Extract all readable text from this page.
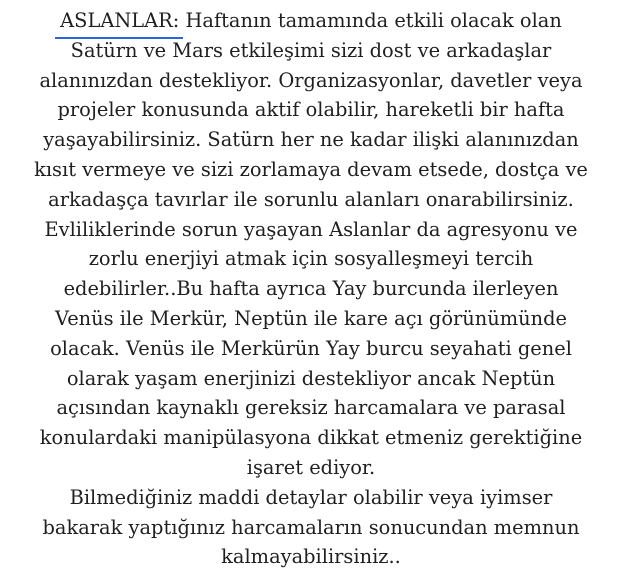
ASLANLAR: Haftanın tamamında etkili olacak olan
Satürn ve Mars etkileşimi sizi dost ve arkadaşlar
alanınızdan destekliyor. Organizasyonlar, davetler veya
projeler konusunda aktif olabilir, hareketli bir hafta
yaşayabilirsiniz. Satürn her ne kadar ilişki alanınızdan
kısıt vermeye ve sizi zorlamaya devam etsede, dostça ve
arkadaşça tavırlar ile sorunlu alanları onarabilirsiniz.
Evliliklerinde sorun yaşayan Aslanlar da agresyonu ve
zorlu enerjiyi atmak için sosyalleşmeyi tercih
edebilirler..Bu hafta ayrıca Yay burcunda ilerleyen
Venüs ile Merkür, Neptün ile kare açı görünümünde
olacak. Venüs ile Merkürün Yay burcu seyahati genel
olarak yaşam enerjinizi destekliyor ancak Neptün
açısından kaynaklı gereksiz harcamalara ve parasal
konulardaki manipülasyona dikkat etmeniz gerektiğine
işaret ediyor.
Bilmediğiniz maddi detaylar olabilir veya iyimser
bakarak yaptığınız harcamaların sonucundan memnun
kalmayabilirsiniz..
